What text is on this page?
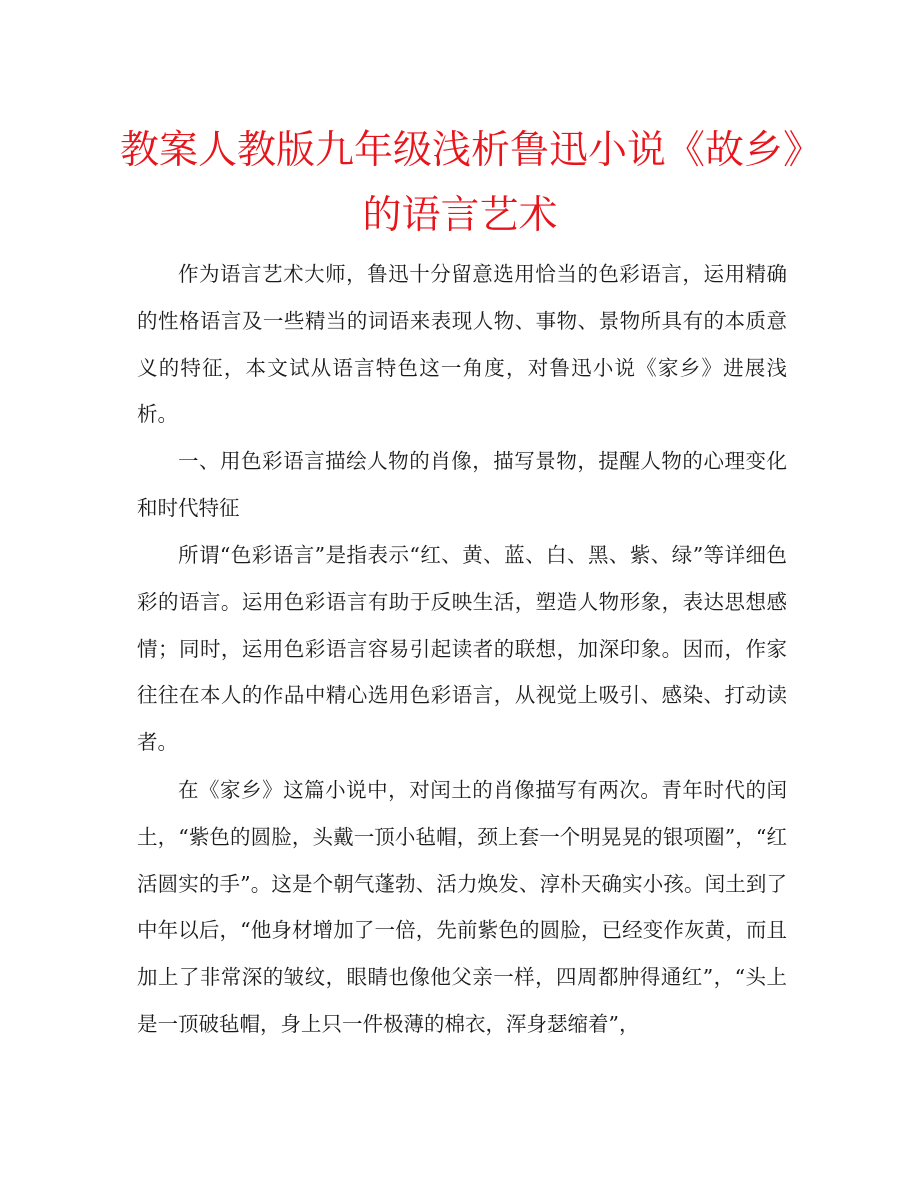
教案人教版九年级浅析鲁迅小说《故乡》
的语言艺术

作为语言艺术大师，鲁迅十分留意选用恰当的色彩语言，运用精确的性格语言及一些精当的词语来表现人物、事物、景物所具有的本质意义的特征，本文试从语言特色这一角度，对鲁迅小说《家乡》进展浅析。

一、用色彩语言描绘人物的肖像，描写景物，提醒人物的心理变化和时代特征

所谓“色彩语言”是指表示“红、黄、蓝、白、黑、紫、绿”等详细色彩的语言。运用色彩语言有助于反映生活，塑造人物形象，表达思想感情；同时，运用色彩语言容易引起读者的联想，加深印象。因而，作家往往在本人的作品中精心选用色彩语言，从视觉上吸引、感染、打动读者。

在《家乡》这篇小说中，对闰土的肖像描写有两次。青年时代的闰土，“紫色的圆脸，头戴一顶小毡帽，颈上套一个明晃晃的银项圈”，“红活圆实的手”。这是个朝气蓬勃、活力焕发、淳朴天确实小孩。闰土到了中年以后，“他身材增加了一倍，先前紫色的圆脸，已经变作灰黄，而且加上了非常深的皱纹，眼睛也像他父亲一样，四周都肿得通红”，“头上是一顶破毡帽，身上只一件极薄的棉衣，浑身瑟缩着”，
